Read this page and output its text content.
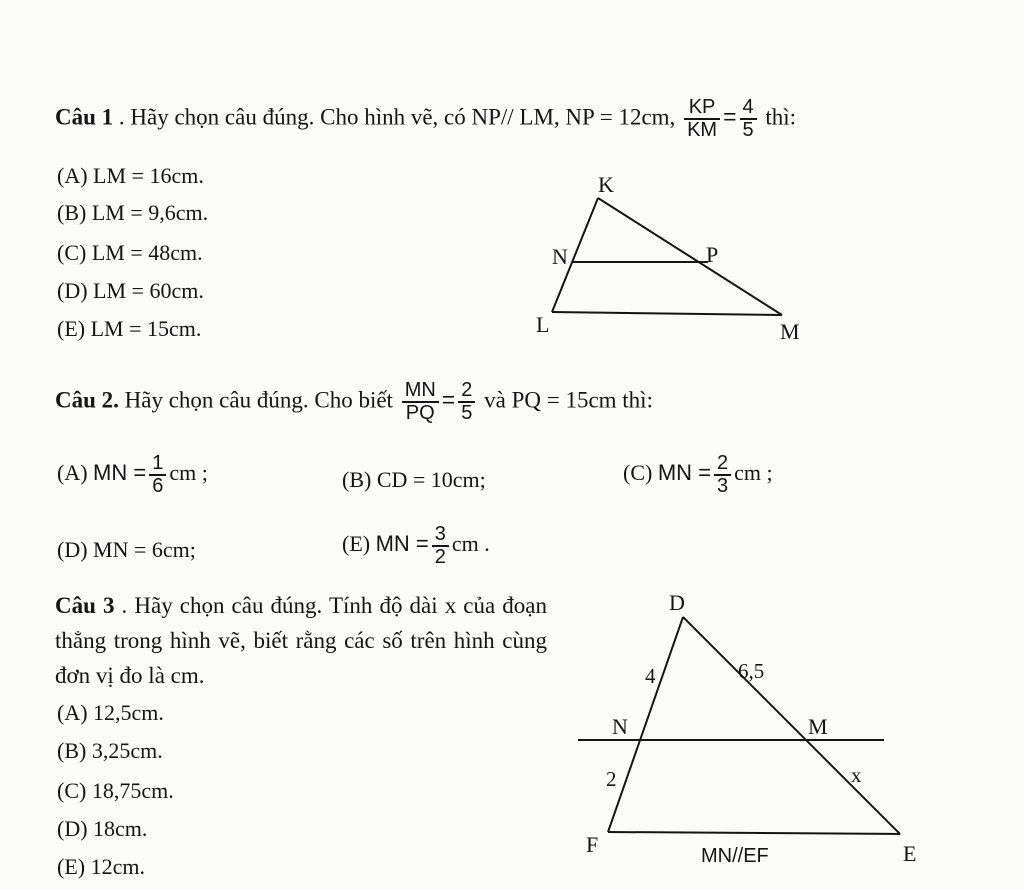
Câu 1 . Hãy chọn câu đúng. Cho hình vẽ, có NP// LM, NP = 12cm, $\frac{KP}{KM} = \frac{4}{5}$ thì:
(A) LM = 16cm.
(B) LM = 9,6cm.
(C) LM = 48cm.
(D) LM = 60cm.
(E) LM = 15cm.
K
N	P
L	M
Câu 2. Hãy chọn câu đúng. Cho biết $\frac{MN}{PQ} = \frac{2}{5}$ và PQ = 15cm thì:
(A) MN = $\frac{1}{6}$ cm ;	(B) CD = 10cm;	(C) MN = $\frac{2}{3}$ cm ;
(D) MN = 6cm;	(E) MN = $\frac{3}{2}$ cm .
Câu 3 . Hãy chọn câu đúng. Tính độ dài x của đoạn thẳng trong hình vẽ, biết rằng các số trên hình cùng đơn vị đo là cm.
(A) 12,5cm.
(B) 3,25cm.
(C) 18,75cm.
(D) 18cm.
(E) 12cm.
D
N	M
F	E
4	6,5
2	x
MN//EF
